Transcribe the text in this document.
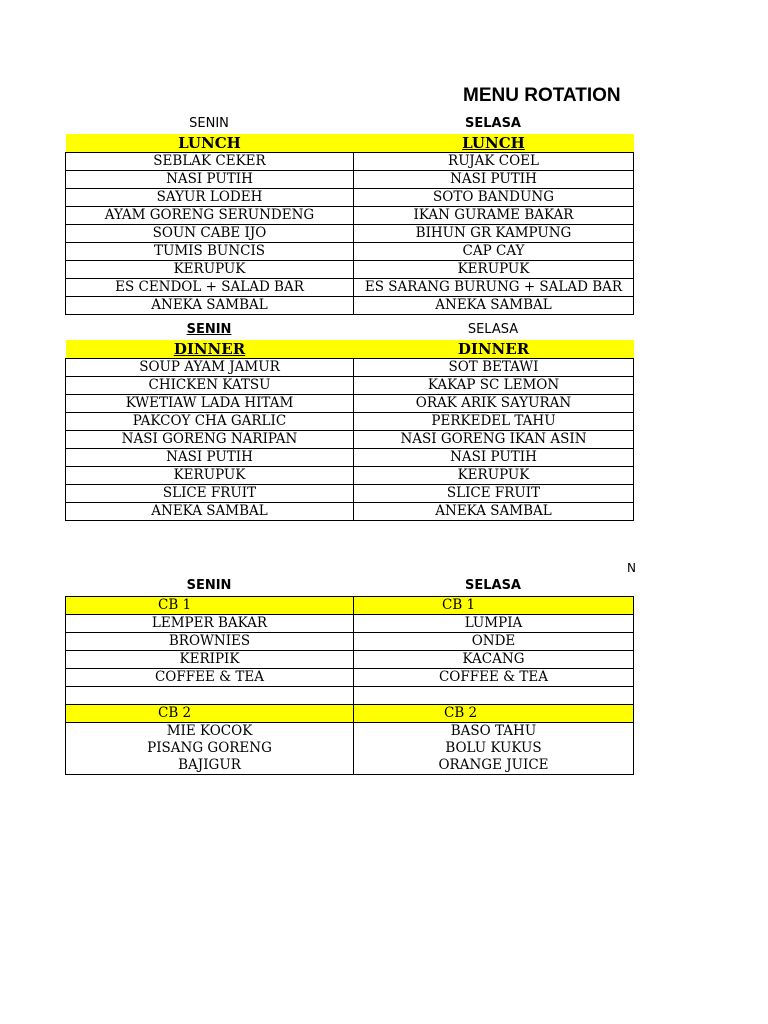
MENU ROTATION
SENIN	SELASA
LUNCH	LUNCH
SEBLAK CEKER	RUJAK COEL
NASI PUTIH	NASI PUTIH
SAYUR LODEH	SOTO BANDUNG
AYAM GORENG SERUNDENG	IKAN GURAME BAKAR
SOUN CABE IJO	BIHUN GR KAMPUNG
TUMIS BUNCIS	CAP CAY
KERUPUK	KERUPUK
ES CENDOL + SALAD BAR	ES SARANG BURUNG + SALAD BAR
ANEKA SAMBAL	ANEKA SAMBAL
SENIN	SELASA
DINNER	DINNER
SOUP AYAM JAMUR	SOT BETAWI
CHICKEN KATSU	KAKAP SC LEMON
KWETIAW LADA HITAM	ORAK ARIK SAYURAN
PAKCOY CHA GARLIC	PERKEDEL TAHU
NASI GORENG NARIPAN	NASI GORENG IKAN ASIN
NASI PUTIH	NASI PUTIH
KERUPUK	KERUPUK
SLICE FRUIT	SLICE FRUIT
ANEKA SAMBAL	ANEKA SAMBAL
N
SENIN	SELASA
CB 1	CB 1
LEMPER BAKAR	LUMPIA
BROWNIES	ONDE
KERIPIK	KACANG
COFFEE & TEA	COFFEE & TEA

CB 2	CB 2
MIE KOCOK	BASO TAHU
PISANG GORENG	BOLU KUKUS
BAJIGUR	ORANGE JUICE
